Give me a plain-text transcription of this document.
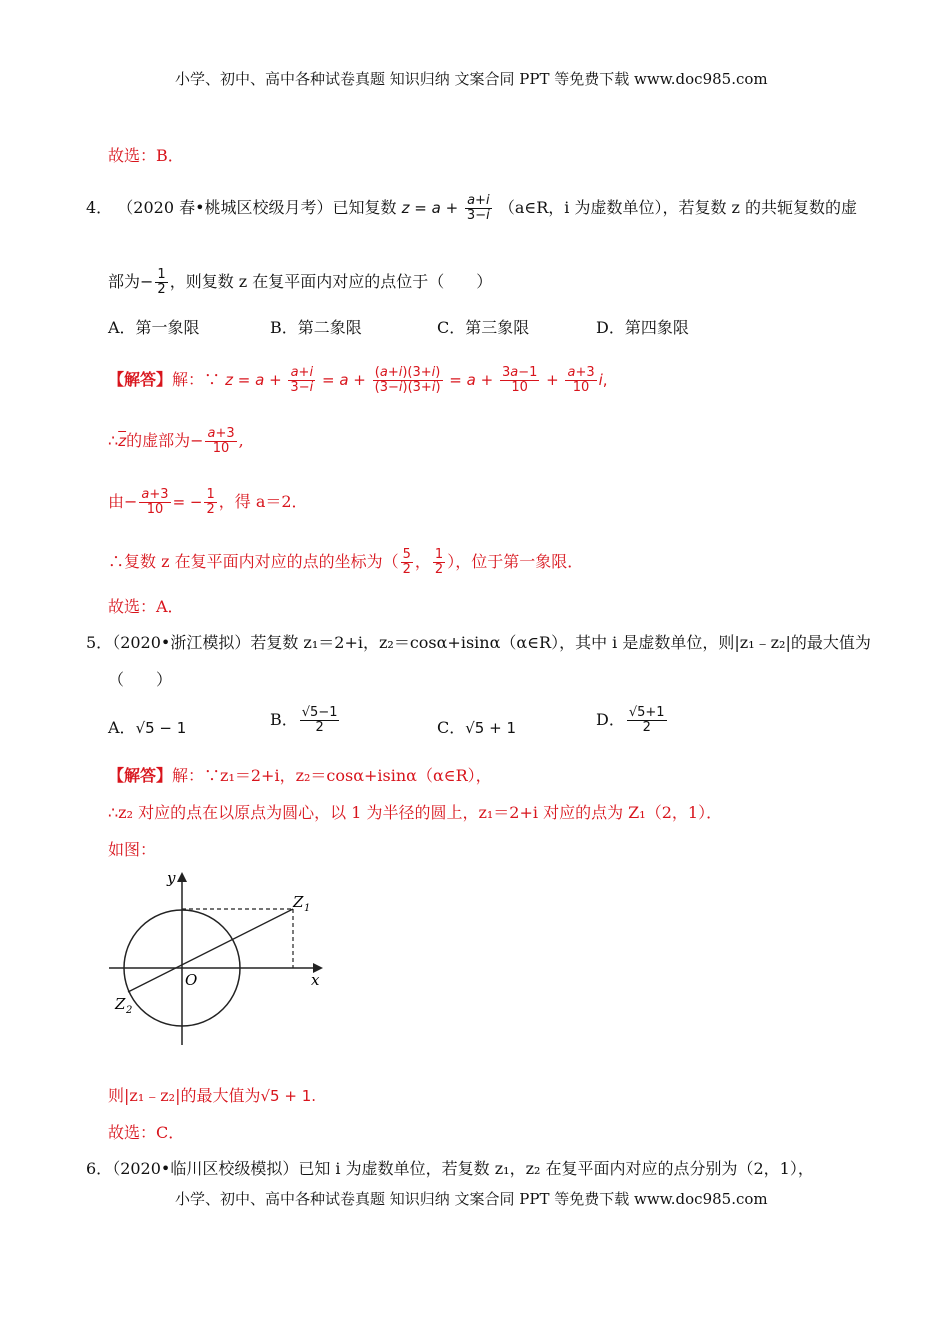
小学、初中、高中各种试卷真题 知识归纳 文案合同 PPT 等免费下载 www.doc985.com
小学、初中、高中各种试卷真题 知识归纳 文案合同 PPT 等免费下载 www.doc985.com
故选：B．
4． （2020 春•桃城区校级月考）已知复数 $z = a + \frac{a+i}{3-i}$ （a∈R，i 为虚数单位），若复数 z 的共轭复数的虚
部为− $\frac{1}{2}$ ，则复数 z 在复平面内对应的点位于（　　）
A．第一象限	B．第二象限	C．第三象限	D．第四象限
【解答】解：∵ $z = a + \frac{a+i}{3-i} = a + \frac{(a+i)(3+i)}{(3-i)(3+i)} = a + \frac{3a-1}{10} + \frac{a+3}{10} i$,
$\therefore\overline{z}$的虚部为− $\frac{a+3}{10}$ ,
由− $\frac{a+3}{10}$ = − $\frac{1}{2}$ ，得 a＝2．
∴复数 z 在复平面内对应的点的坐标为（ $\frac{5}{2}$ ， $\frac{1}{2}$ ），位于第一象限．
故选：A．
5．（2020•浙江模拟）若复数 z₁＝2+i，z₂＝cosα+isinα（α∈R），其中 i 是虚数单位，则|z₁﹣z₂|的最大值为
（　　）
A．√5 − 1	B． $\frac{√5-1}{2}$	C．√5 + 1	D． $\frac{√5+1}{2}$
【解答】解：∵z₁＝2+i，z₂＝cosα+isinα（α∈R），
∴z₂ 对应的点在以原点为圆心，以 1 为半径的圆上，z₁＝2+i 对应的点为 Z₁（2，1）．
如图：
y
x
O
Z 1
Z 2
则|z₁﹣z₂|的最大值为√5 + 1.
故选：C．
6．（2020•临川区校级模拟）已知 i 为虚数单位，若复数 z₁，z₂ 在复平面内对应的点分别为（2，1），
